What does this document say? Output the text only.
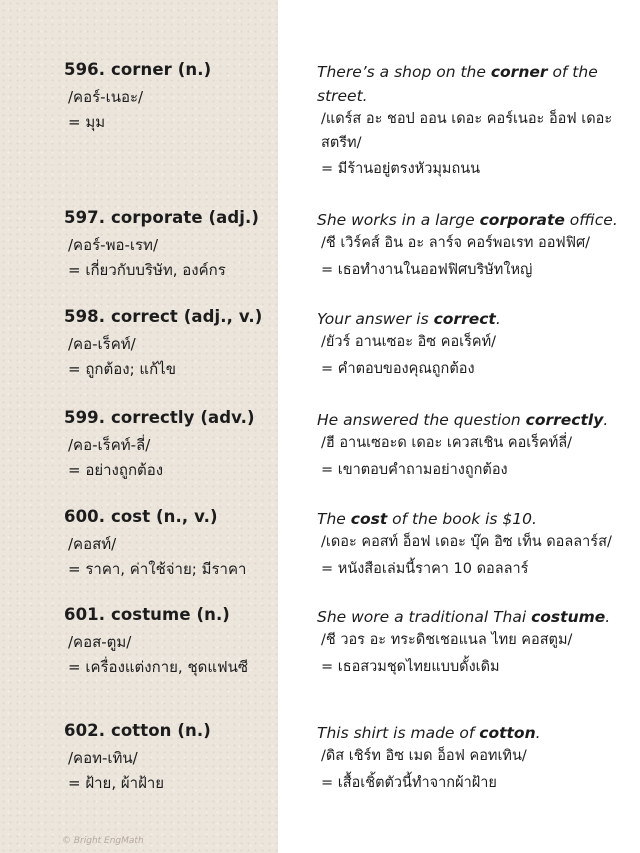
596. corner (n.)
/คอร์-เนอะ/
= มุม
There’s a shop on the corner of the street.
/แดร์ส อะ ชอป ออน เดอะ คอร์เนอะ อ็อฟ เดอะ สตรีท/
= มีร้านอยู่ตรงหัวมุมถนน
597. corporate (adj.)
/คอร์-พอ-เรท/
= เกี่ยวกับบริษัท, องค์กร
She works in a large corporate office.
/ชี เวิร์คส์ อิน อะ ลาร์จ คอร์พอเรท ออฟฟิศ/
= เธอทำงานในออฟฟิศบริษัทใหญ่
598. correct (adj., v.)
/คอ-เร็คท์/
= ถูกต้อง; แก้ไข
Your answer is correct.
/ยัวร์ อานเซอะ อิซ คอเร็คท์/
= คำตอบของคุณถูกต้อง
599. correctly (adv.)
/คอ-เร็คท์-ลี่/
= อย่างถูกต้อง
He answered the question correctly.
/ฮี อานเซอะด เดอะ เควสเชิน คอเร็คท์ลี่/
= เขาตอบคำถามอย่างถูกต้อง
600. cost (n., v.)
/คอสท์/
= ราคา, ค่าใช้จ่าย; มีราคา
The cost of the book is $10.
/เดอะ คอสท์ อ็อฟ เดอะ บุ๊ค อิซ เท็น ดอลลาร์ส/
= หนังสือเล่มนี้ราคา 10 ดอลลาร์
601. costume (n.)
/คอส-ตูม/
= เครื่องแต่งกาย, ชุดแฟนซี
She wore a traditional Thai costume.
/ชี วอร อะ ทระดิชเชอแนล ไทย คอสตูม/
= เธอสวมชุดไทยแบบดั้งเดิม
602. cotton (n.)
/คอท-เทิน/
= ฝ้าย, ผ้าฝ้าย
This shirt is made of cotton.
/ดิส เชิร์ท อิซ เมด อ็อฟ คอทเทิน/
= เสื้อเชิ้ตตัวนี้ทำจากผ้าฝ้าย
© Bright EngMath
